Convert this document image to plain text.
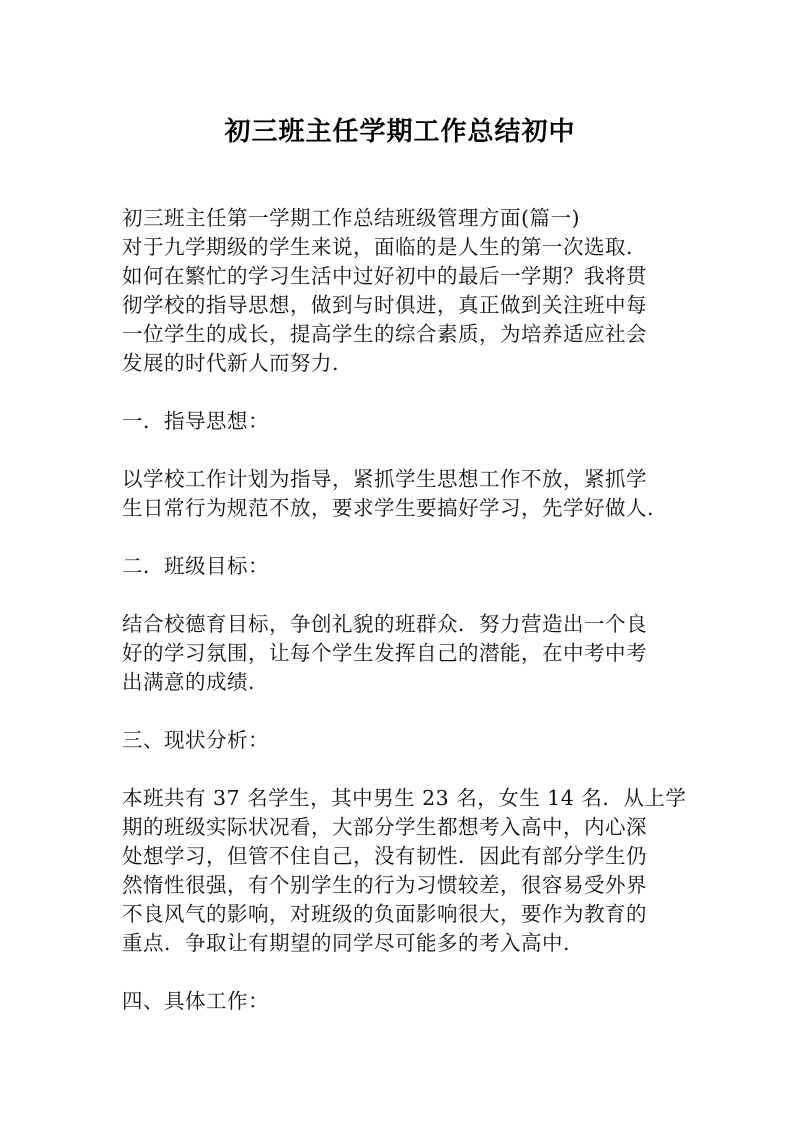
初三班主任学期工作总结初中

初三班主任第一学期工作总结班级管理方面(篇一)
对于九学期级的学生来说，面临的是人生的第一次选取.
如何在繁忙的学习生活中过好初中的最后一学期？我将贯
彻学校的指导思想，做到与时俱进，真正做到关注班中每
一位学生的成长，提高学生的综合素质，为培养适应社会
发展的时代新人而努力.

一．指导思想：

以学校工作计划为指导，紧抓学生思想工作不放，紧抓学
生日常行为规范不放，要求学生要搞好学习，先学好做人.

二．班级目标：

结合校德育目标，争创礼貌的班群众．努力营造出一个良
好的学习氛围，让每个学生发挥自己的潜能，在中考中考
出满意的成绩.

三、现状分析：

本班共有 37 名学生，其中男生 23 名，女生 14 名．从上学
期的班级实际状况看，大部分学生都想考入高中，内心深
处想学习，但管不住自己，没有韧性．因此有部分学生仍
然惰性很强，有个别学生的行为习惯较差，很容易受外界
不良风气的影响，对班级的负面影响很大，要作为教育的
重点．争取让有期望的同学尽可能多的考入高中.

四、具体工作：
